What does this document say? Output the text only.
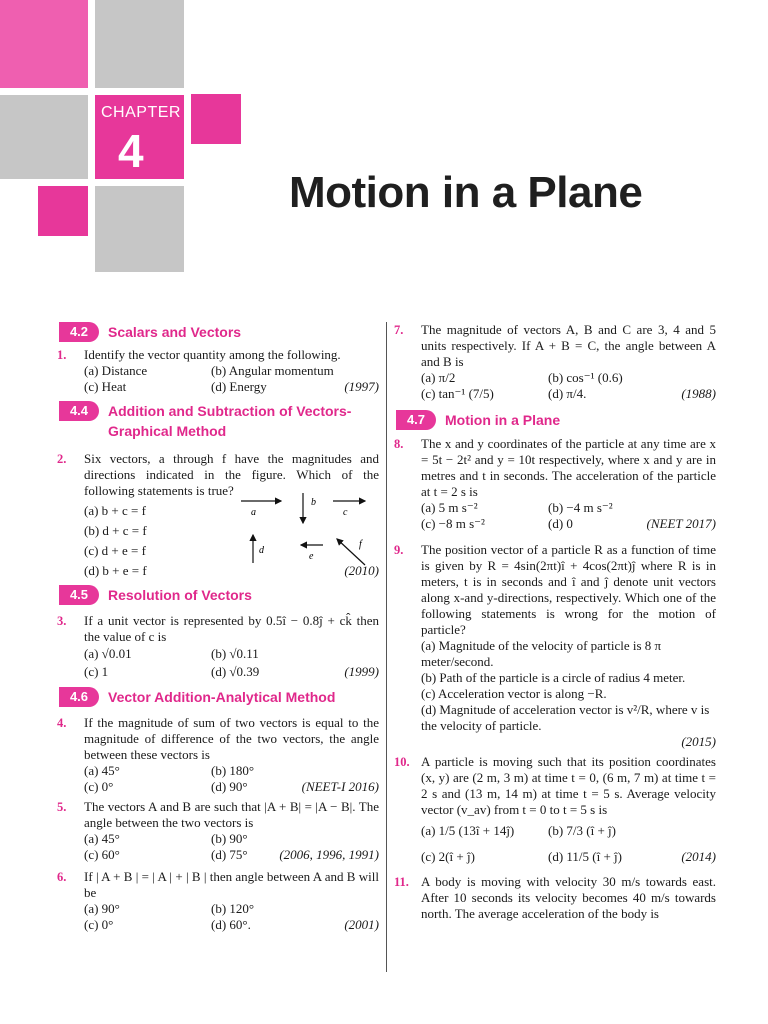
CHAPTER
4
Motion in a Plane
4.2	Scalars and Vectors
1. Identify the vector quantity among the following.
(a) Distance	(b) Angular momentum
(c) Heat	(d) Energy	(1997)
4.4	Addition and Subtraction of Vectors-
Graphical Method
2. Six vectors, a through f have the magnitudes and directions indicated in the figure. Which of the following statements is true?
(a) b + c = f
(b) d + c = f
(c) d + e = f
(d) b + e = f	(2010)
a
b
c
d
e
f
4.5	Resolution of Vectors
3. If a unit vector is represented by 0.5î − 0.8ĵ + ck̂ then the value of c is
(a) √0.01	(b) √0.11
(c) 1	(d) √0.39	(1999)
4.6	Vector Addition-Analytical Method
4. If the magnitude of sum of two vectors is equal to the magnitude of difference of the two vectors, the angle between these vectors is
(a) 45°	(b) 180°
(c) 0°	(d) 90°	(NEET-I 2016)
5. The vectors A and B are such that |A + B| = |A − B|. The angle between the two vectors is
(a) 45°	(b) 90°
(c) 60°	(d) 75° (2006, 1996, 1991)
6. If | A + B | = | A | + | B | then angle between A and B will be
(a) 90°	(b) 120°
(c) 0°	(d) 60°.	(2001)
7. The magnitude of vectors A, B and C are 3, 4 and 5 units respectively. If A + B = C, the angle between A and B is
(a) π/2	(b) cos⁻¹ (0.6)
(c) tan⁻¹ (7/5)	(d) π/4.	(1988)
4.7	Motion in a Plane
8. The x and y coordinates of the particle at any time are x = 5t − 2t² and y = 10t respectively, where x and y are in metres and t in seconds. The acceleration of the particle at t = 2 s is
(a) 5 m s⁻²	(b) −4 m s⁻²
(c) −8 m s⁻²	(d) 0	(NEET 2017)
9. The position vector of a particle R as a function of time is given by R = 4sin(2πt)î + 4cos(2πt)ĵ where R is in meters, t is in seconds and î and ĵ denote unit vectors along x-and y-directions, respectively. Which one of the following statements is wrong for the motion of particle?
(a) Magnitude of the velocity of particle is 8 π meter/second.
(b) Path of the particle is a circle of radius 4 meter.
(c) Acceleration vector is along −R.
(d) Magnitude of acceleration vector is v²/R, where v is the velocity of particle.
(2015)
10. A particle is moving such that its position coordinates (x, y) are (2 m, 3 m) at time t = 0, (6 m, 7 m) at time t = 2 s and (13 m, 14 m) at time t = 5 s. Average velocity vector (v_av) from t = 0 to t = 5 s is
(a) 1/5 (13î + 14ĵ)	(b) 7/3 (î + ĵ)
(c) 2(î + ĵ)	(d) 11/5 (î + ĵ)	(2014)
11. A body is moving with velocity 30 m/s towards east. After 10 seconds its velocity becomes 40 m/s towards north. The average acceleration of the body is
